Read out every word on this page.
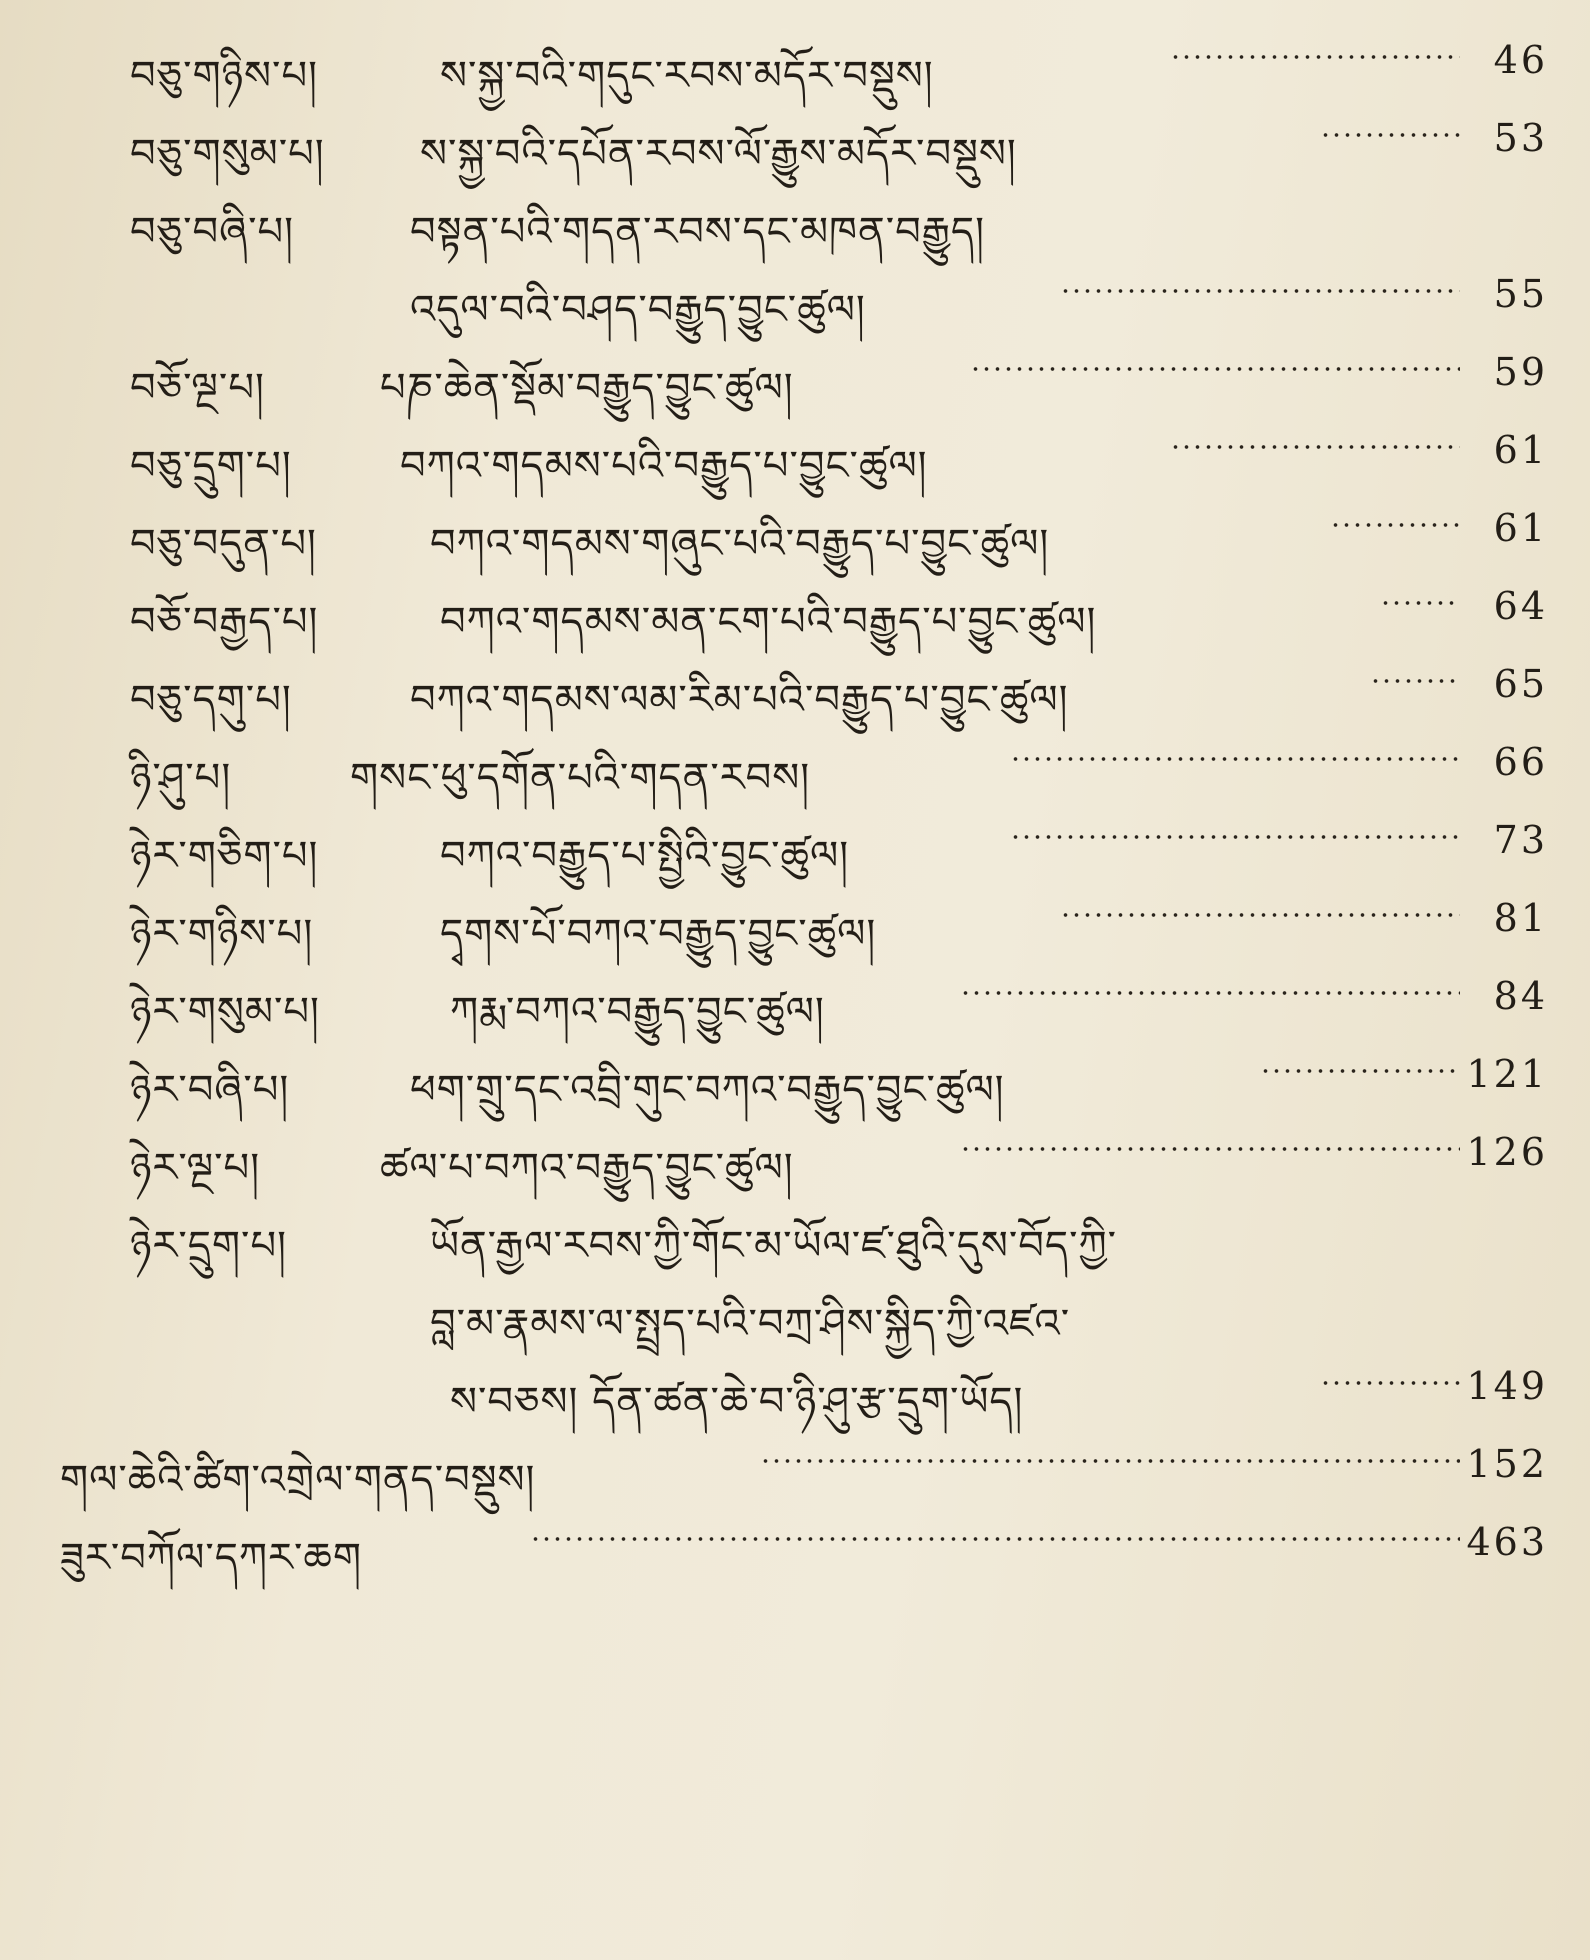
བཅུ་གཉིས་པ།	ས་སྐྱ་བའི་གདུང་རབས་མདོར་བསྡུས།	46
བཅུ་གསུམ་པ། ས་སྐྱ་བའི་དཔོན་རབས་ལོ་རྒྱུས་མདོར་བསྡུས།	53
བཅུ་བཞི་པ།	བསྟན་པའི་གདན་རབས་དང་མཁན་བརྒྱུད།
འདུལ་བའི་བཤད་བརྒྱུད་བྱུང་ཚུལ།	55
བཅོ་ལྔ་པ།	པཎ་ཆེན་སྡོམ་བརྒྱུད་བྱུང་ཚུལ།	59
བཅུ་དྲུག་པ།	བཀའ་གདམས་པའི་བརྒྱུད་པ་བྱུང་ཚུལ།	61
བཅུ་བདུན་པ།	བཀའ་གདམས་གཞུང་པའི་བརྒྱུད་པ་བྱུང་ཚུལ།	61
བཅོ་བརྒྱད་པ།	བཀའ་གདམས་མན་ངག་པའི་བརྒྱུད་པ་བྱུང་ཚུལ།	64
བཅུ་དགུ་པ།	བཀའ་གདམས་ལམ་རིམ་པའི་བརྒྱུད་པ་བྱུང་ཚུལ།	65
ཉི་ཤུ་པ།	གསང་ཕུ་དགོན་པའི་གདན་རབས།	66
ཉེར་གཅིག་པ།	བཀའ་བརྒྱུད་པ་སྤྱིའི་བྱུང་ཚུལ།	73
ཉེར་གཉིས་པ།	དྭགས་པོ་བཀའ་བརྒྱུད་བྱུང་ཚུལ།	81
ཉེར་གསུམ་པ།	ཀརྨ་བཀའ་བརྒྱུད་བྱུང་ཚུལ།	84
ཉེར་བཞི་པ།	ཕག་གྲུ་དང་འབྲི་གུང་བཀའ་བརྒྱུད་བྱུང་ཚུལ།	121
ཉེར་ལྔ་པ།	ཚལ་པ་བཀའ་བརྒྱུད་བྱུང་ཚུལ།	126
ཉེར་དྲུག་པ།	ཡོན་རྒྱལ་རབས་ཀྱི་གོང་མ་ཡོལ་ཛ་ཐུའི་དུས་བོད་ཀྱི་
བླ་མ་རྣམས་ལ་སྤྲད་པའི་བཀྲ་ཤིས་སྐྱིད་ཀྱི་འཛའ་
ས་བཅས། དོན་ཚན་ཆེ་བ་ཉི་ཤུ་རྩ་དྲུག་ཡོད།	149
གལ་ཆེའི་ཚིག་འགྲེལ་གནད་བསྡུས།	152
ཟུར་བཀོལ་དཀར་ཆག	463
